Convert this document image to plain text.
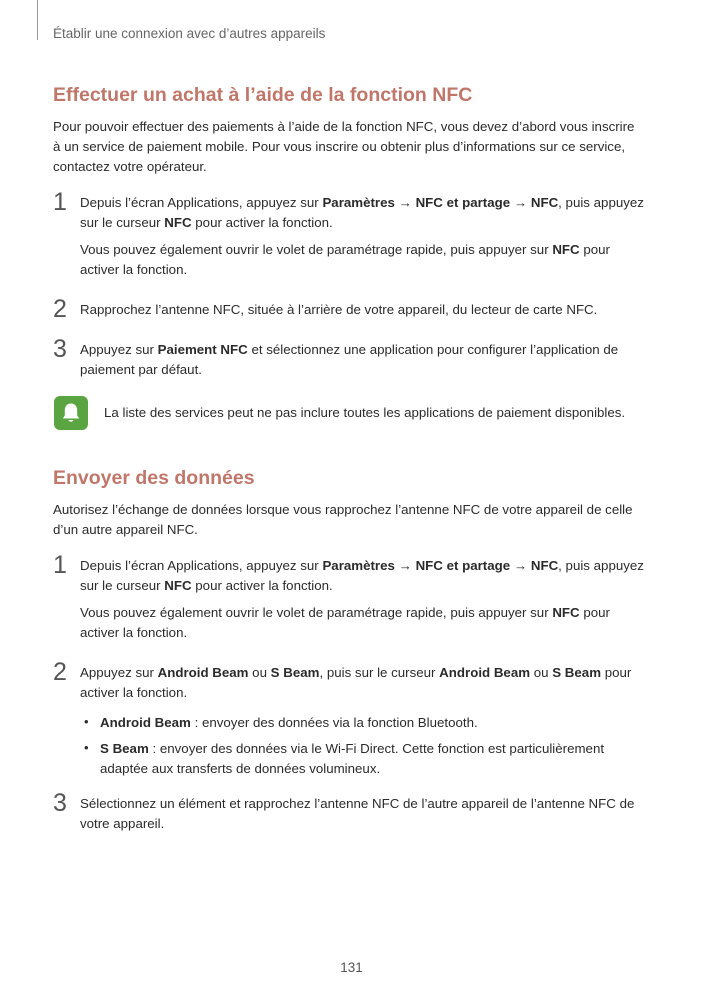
Établir une connexion avec d’autres appareils
Effectuer un achat à l’aide de la fonction NFC
Pour pouvoir effectuer des paiements à l’aide de la fonction NFC, vous devez d’abord vous inscrire
à un service de paiement mobile. Pour vous inscrire ou obtenir plus d’informations sur ce service,
contactez votre opérateur.
1 Depuis l’écran Applications, appuyez sur Paramètres → NFC et partage → NFC, puis appuyez
sur le curseur NFC pour activer la fonction.
Vous pouvez également ouvrir le volet de paramétrage rapide, puis appuyer sur NFC pour
activer la fonction.
2 Rapprochez l’antenne NFC, située à l’arrière de votre appareil, du lecteur de carte NFC.
3 Appuyez sur Paiement NFC et sélectionnez une application pour configurer l’application de
paiement par défaut.
La liste des services peut ne pas inclure toutes les applications de paiement disponibles.
Envoyer des données
Autorisez l’échange de données lorsque vous rapprochez l’antenne NFC de votre appareil de celle
d’un autre appareil NFC.
1 Depuis l’écran Applications, appuyez sur Paramètres → NFC et partage → NFC, puis appuyez
sur le curseur NFC pour activer la fonction.
Vous pouvez également ouvrir le volet de paramétrage rapide, puis appuyer sur NFC pour
activer la fonction.
2 Appuyez sur Android Beam ou S Beam, puis sur le curseur Android Beam ou S Beam pour
activer la fonction.
• Android Beam : envoyer des données via la fonction Bluetooth.
• S Beam : envoyer des données via le Wi-Fi Direct. Cette fonction est particulièrement
adaptée aux transferts de données volumineux.
3 Sélectionnez un élément et rapprochez l’antenne NFC de l’autre appareil de l’antenne NFC de
votre appareil.
131
